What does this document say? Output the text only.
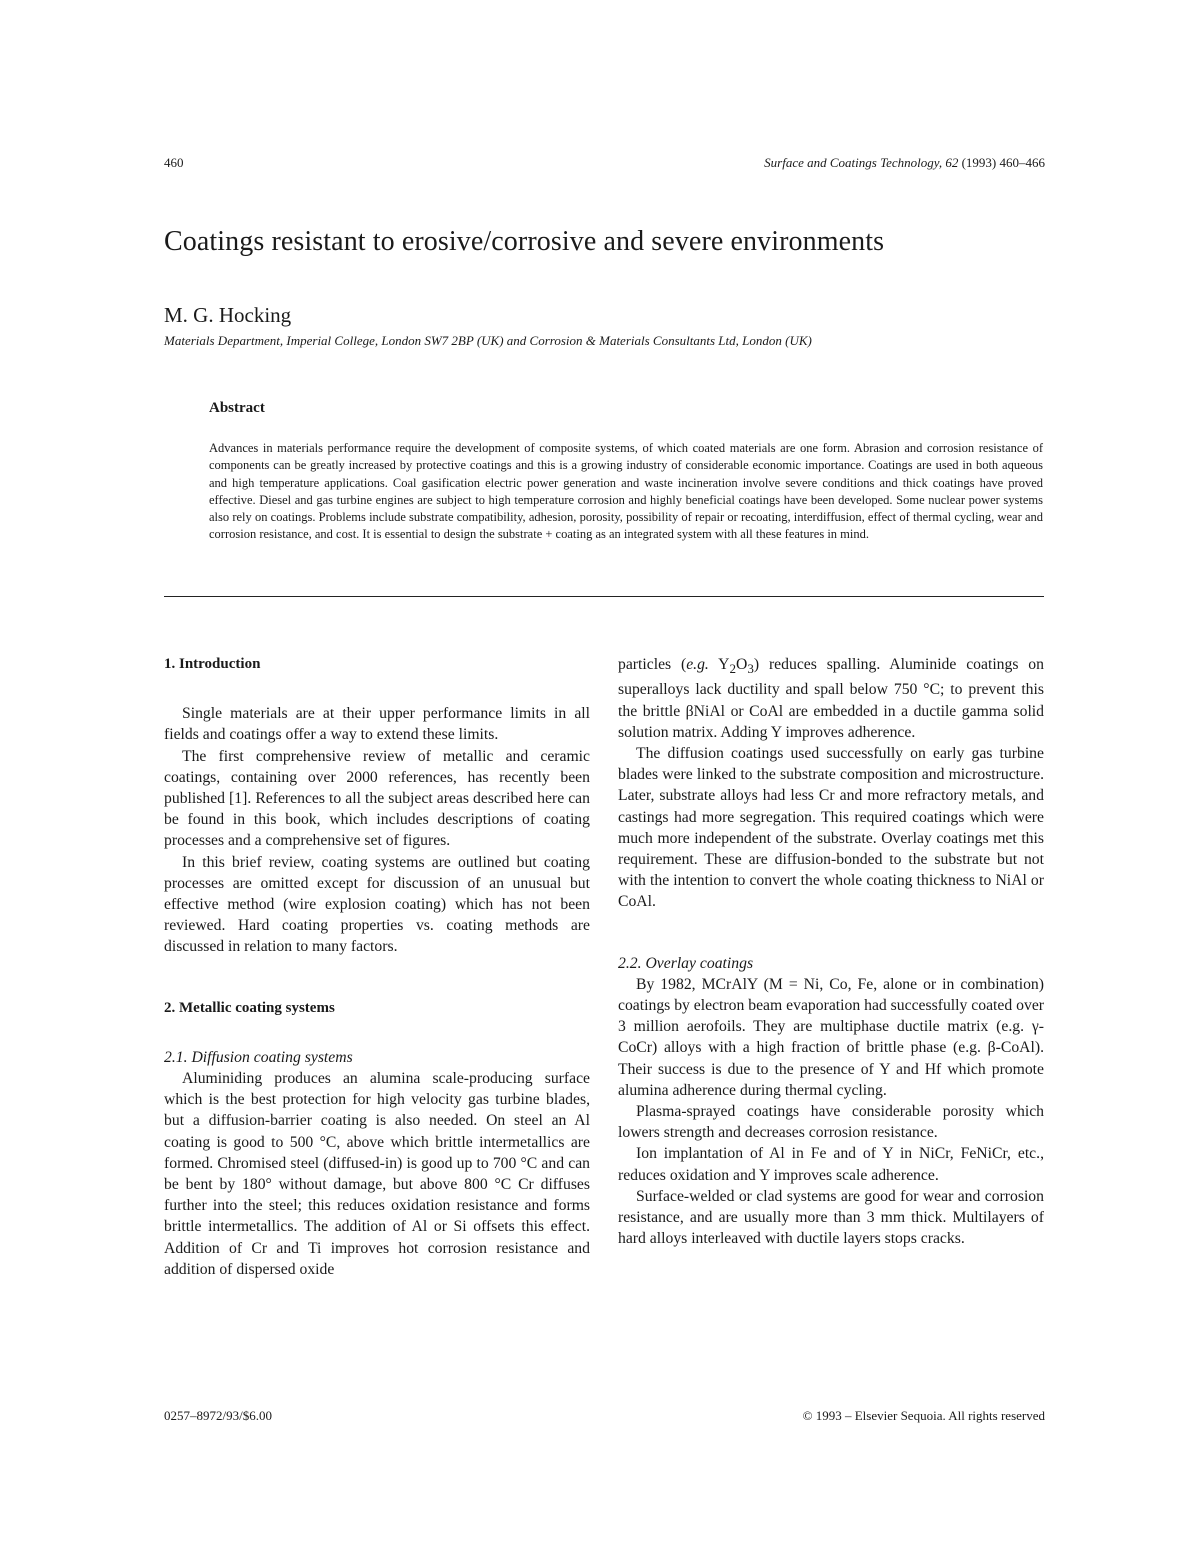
460	Surface and Coatings Technology, 62 (1993) 460–466
Coatings resistant to erosive/corrosive and severe environments
M. G. Hocking
Materials Department, Imperial College, London SW7 2BP (UK) and Corrosion & Materials Consultants Ltd, London (UK)
Abstract

Advances in materials performance require the development of composite systems, of which coated materials are one form. Abrasion and corrosion resistance of components can be greatly increased by protective coatings and this is a growing industry of considerable economic importance. Coatings are used in both aqueous and high temperature applications. Coal gasification electric power generation and waste incineration involve severe conditions and thick coatings have proved effective. Diesel and gas turbine engines are subject to high temperature corrosion and highly beneficial coatings have been developed. Some nuclear power systems also rely on coatings. Problems include substrate compatibility, adhesion, porosity, possibility of repair or recoating, interdiffusion, effect of thermal cycling, wear and corrosion resistance, and cost. It is essential to design the substrate + coating as an integrated system with all these features in mind.

1. Introduction

Single materials are at their upper performance limits in all fields and coatings offer a way to extend these limits.

The first comprehensive review of metallic and ceramic coatings, containing over 2000 references, has recently been published [1]. References to all the subject areas described here can be found in this book, which includes descriptions of coating processes and a comprehensive set of figures.

In this brief review, coating systems are outlined but coating processes are omitted except for discussion of an unusual but effective method (wire explosion coating) which has not been reviewed. Hard coating properties vs. coating methods are discussed in relation to many factors.

2. Metallic coating systems
2.1. Diffusion coating systems

Aluminiding produces an alumina scale-producing surface which is the best protection for high velocity gas turbine blades, but a diffusion-barrier coating is also needed. On steel an Al coating is good to 500 °C, above which brittle intermetallics are formed. Chromised steel (diffused-in) is good up to 700 °C and can be bent by 180° without damage, but above 800 °C Cr diffuses further into the steel; this reduces oxidation resistance and forms brittle intermetallics. The addition of Al or Si offsets this effect. Addition of Cr and Ti improves hot corrosion resistance and addition of dispersed oxide

particles (e.g. $Y_2O_3$) reduces spalling. Aluminide coatings on superalloys lack ductility and spall below 750 °C; to prevent this the brittle βNiAl or CoAl are embedded in a ductile gamma solid solution matrix. Adding Y improves adherence.

The diffusion coatings used successfully on early gas turbine blades were linked to the substrate composition and microstructure. Later, substrate alloys had less Cr and more refractory metals, and castings had more segregation. This required coatings which were much more independent of the substrate. Overlay coatings met this requirement. These are diffusion-bonded to the substrate but not with the intention to convert the whole coating thickness to NiAl or CoAl.

2.2. Overlay coatings

By 1982, MCrAlY (M = Ni, Co, Fe, alone or in combination) coatings by electron beam evaporation had successfully coated over 3 million aerofoils. They are multiphase ductile matrix (e.g. γ-CoCr) alloys with a high fraction of brittle phase (e.g. β-CoAl). Their success is due to the presence of Y and Hf which promote alumina adherence during thermal cycling.

Plasma-sprayed coatings have considerable porosity which lowers strength and decreases corrosion resistance.

Ion implantation of Al in Fe and of Y in NiCr, FeNiCr, etc., reduces oxidation and Y improves scale adherence.

Surface-welded or clad systems are good for wear and corrosion resistance, and are usually more than 3 mm thick. Multilayers of hard alloys interleaved with ductile layers stops cracks.

0257–8972/93/$6.00	© 1993 – Elsevier Sequoia. All rights reserved
